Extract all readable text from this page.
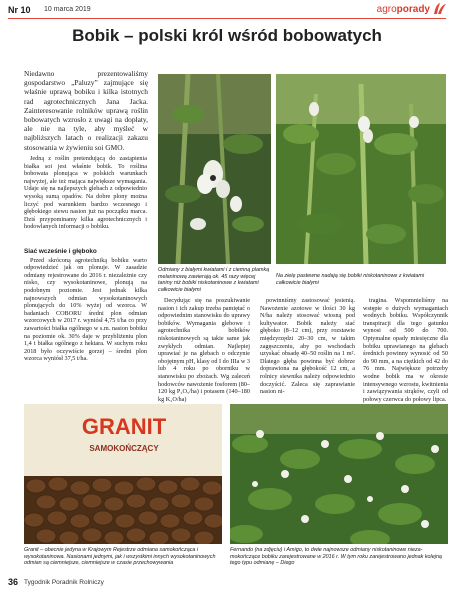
Nr 10 10 marca 2019	agroporady
Bobik – polski król wśród bobowatych
Niedawno prezentowaliśmy gospodarstwo „Paluzy” zajmujące się właśnie uprawą bobiku i kilka istotnych rad agrotechnicznych Jana Jacka. Zainteresowanie rolników uprawą roślin bobowatych wzrosło z uwagi na dopłaty, ale nie na tyle, aby myśleć w najbliższych latach o realizacji zakazu stosowania w żywieniu soi GMO.

Jedną z roślin pretendującą do zastąpienia białka soi jest właśnie bobik. To roślina bobowata plonująca w polskich warunkach najwyżej, ale też mająca największe wymagania. Udaje się na najlepszych glebach z odpowiednio wysoką sumą opadów. Na dobre plony można liczyć pod warunkiem bardzo wczesnego i głębokiego siewu nasion już na początku marca. Dziś przypominamy kilka agrotechnicznych i hodowlanych informacji o bobiku.

Siać wcześnie i głęboko

Przed skróconą agrotechniką bobiku warto odpowiedzieć jak on plonuje. W zasadzie odmiany rejestrowane do 2016 r. niezależnie czy nisko, czy wysokotaninowe, plonują na podobnym poziomie. Jest jednak kilka najnowszych odmian wysokotaninowych plonujących do 10% wyżej od wzorca. W badaniach COBORU średni plon odmian wzorcowych w 2017 r. wyniósł 4,75 t/ha co przy zawartości białka ogólnego w s.m. nasion bobiku na poziomie ok. 30% daje w przybliżeniu plon 1,4 t białka ogólnego z hektara. W suchym roku 2018 było oczywiście gorzej – średni plon wzorca wyniósł 37,5 t/ha.

Odmiany z białymi kwiatami i z ciemną plamką melaninową zawierają ok. 45 razy więcej taniny niż bobiki niskotaninowe z kwiatami całkowicie białymi
Na zielę pastewne nadają się bobiki niskotaninowe z kwiatami całkowicie białymi

Decydując się na poszukiwanie nasion i ich zakup trzeba pamiętać o odpowiednim stanowisku do uprawy bobików. Wymagania glebowe i agrotechnika bobików niskotaninowych są takie same jak zwykłych odmian. Najlepiej uprawiać je na glebach o odczynie obojętnym pH, klasy od I do IIIa w 3 lub 4 roku po oborniku w stanowisku po zbożach. Wg zaleceń hodowców nawożenie fosforem (80–120 kg P₂O₅/ha) i potasem (140–180 kg K₂O/ha)

powinniśmy zastosować jesienią. Nawożenie azotowe w ilości 30 kg N/ha należy stosować wiosną pod kultywator. Bobik należy siać głęboko (8–12 cm), przy rozstawie międzyrzędzi 20–30 cm, w takim zagęszczeniu, aby po wschodach uzyskać obsadę 40–50 roślin na 1 m². Dlatego głęba powinna być dobrze doprawiona na głębokość 12 cm, a rolnicy siewnika należy odpowiednio doczyścić. Zaleca się zaprawianie nasion ni-

tragina. Wspomnieliśmy na wstępie o dużych wymaganiach wodnych bobiku. Współczynnik transpiracji dla tego gatunku wynosi od 500 do 700. Optymalne opady miesięczne dla bobiku uprawianego na glebach średnich powinny wynosić od 50 do 90 mm, a na ciężkich od 42 do 76 mm. Największe potrzeby wodne bobik ma w okresie intensywnego wzrostu, kwitnienia i zawiązywania strąków, czyli od połowy czerwca do połowy lipca.

GRANIT
SAMOKOŃCZĄCY
Granit – obecnie jedyna w Krajowym Rejestrze odmiana samokończąca i wysokotaninowa. Nasionami jednymi, jak i wszystkimi innych wysokotaninowych odmian są ciemniejsze, ciemniejsze w czasie przechowywania
Fernando (na zdjęciu) i Amigo, to dwie najnowsze odmiany niskotaninowe nieza-mokończące bobiku zarejestrowane w 2016 r. W tym roku zarejestrowano jednak kolejną tego typu odmianę – Diego
36 Tygodnik Poradnik Rolniczy
